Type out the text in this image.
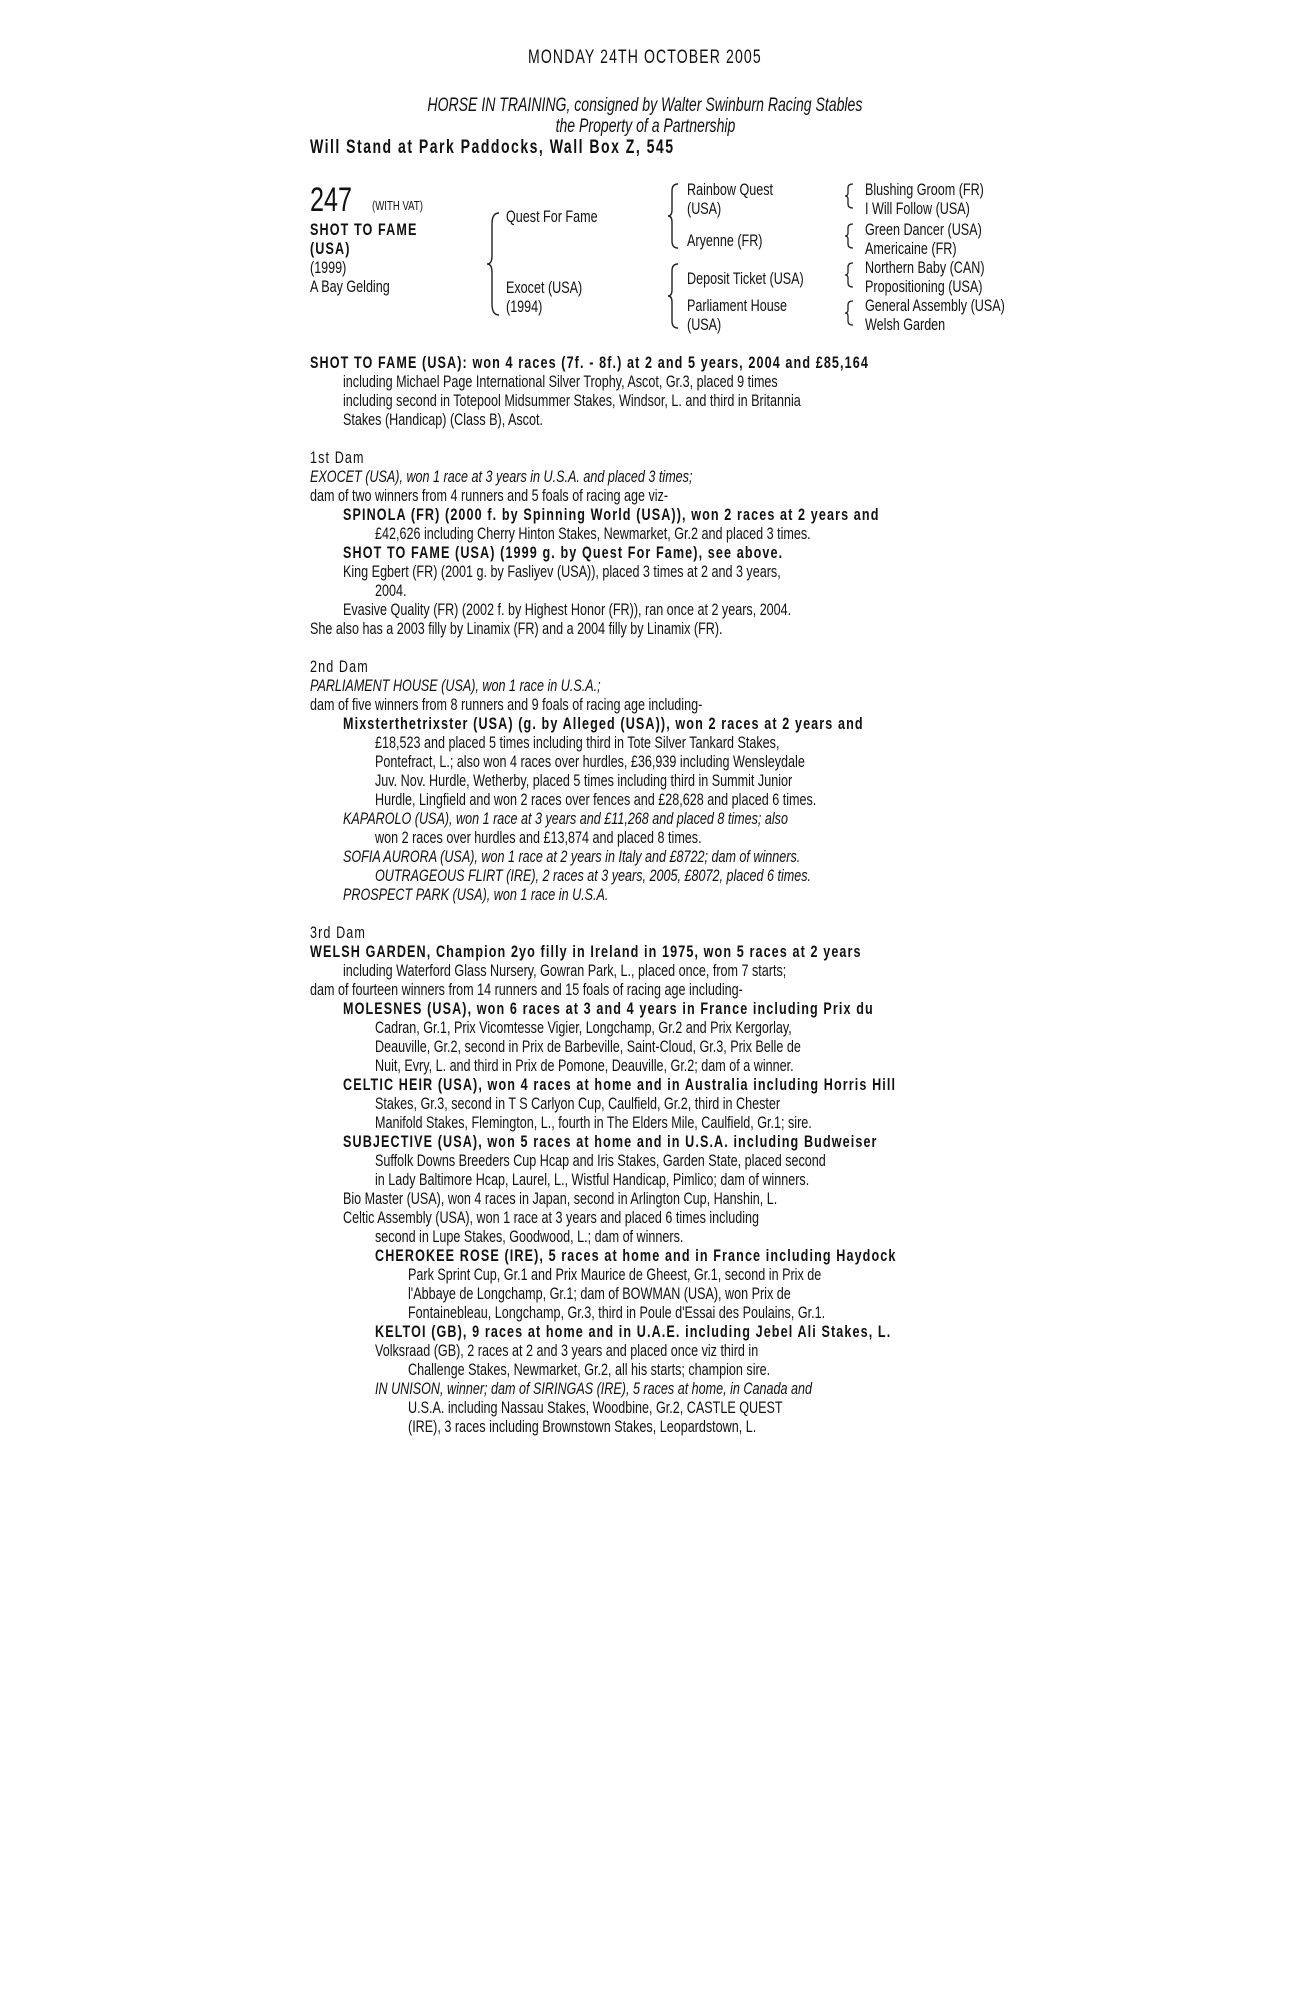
MONDAY 24TH OCTOBER 2005
HORSE IN TRAINING, consigned by Walter Swinburn Racing Stables
the Property of a Partnership
Will Stand at Park Paddocks, Wall Box Z, 545
247 (WITH VAT)
SHOT TO FAME
(USA)
(1999)
A Bay Gelding
Quest For Fame
Exocet (USA)
(1994)
Rainbow Quest
(USA)
Aryenne (FR)
Deposit Ticket (USA)
Parliament House
(USA)
Blushing Groom (FR)
I Will Follow (USA)
Green Dancer (USA)
Americaine (FR)
Northern Baby (CAN)
Propositioning (USA)
General Assembly (USA)
Welsh Garden
SHOT TO FAME (USA): won 4 races (7f. - 8f.) at 2 and 5 years, 2004 and £85,164
including Michael Page International Silver Trophy, Ascot, Gr.3, placed 9 times
including second in Totepool Midsummer Stakes, Windsor, L. and third in Britannia
Stakes (Handicap) (Class B), Ascot.
1st Dam
EXOCET (USA), won 1 race at 3 years in U.S.A. and placed 3 times;
dam of two winners from 4 runners and 5 foals of racing age viz-
SPINOLA (FR) (2000 f. by Spinning World (USA)), won 2 races at 2 years and
£42,626 including Cherry Hinton Stakes, Newmarket, Gr.2 and placed 3 times.
SHOT TO FAME (USA) (1999 g. by Quest For Fame), see above.
King Egbert (FR) (2001 g. by Fasliyev (USA)), placed 3 times at 2 and 3 years,
2004.
Evasive Quality (FR) (2002 f. by Highest Honor (FR)), ran once at 2 years, 2004.
She also has a 2003 filly by Linamix (FR) and a 2004 filly by Linamix (FR).
2nd Dam
PARLIAMENT HOUSE (USA), won 1 race in U.S.A.;
dam of five winners from 8 runners and 9 foals of racing age including-
Mixsterthetrixster (USA) (g. by Alleged (USA)), won 2 races at 2 years and
£18,523 and placed 5 times including third in Tote Silver Tankard Stakes,
Pontefract, L.; also won 4 races over hurdles, £36,939 including Wensleydale
Juv. Nov. Hurdle, Wetherby, placed 5 times including third in Summit Junior
Hurdle, Lingfield and won 2 races over fences and £28,628 and placed 6 times.
KAPAROLO (USA), won 1 race at 3 years and £11,268 and placed 8 times; also
won 2 races over hurdles and £13,874 and placed 8 times.
SOFIA AURORA (USA), won 1 race at 2 years in Italy and £8722; dam of winners.
OUTRAGEOUS FLIRT (IRE), 2 races at 3 years, 2005, £8072, placed 6 times.
PROSPECT PARK (USA), won 1 race in U.S.A.
3rd Dam
WELSH GARDEN, Champion 2yo filly in Ireland in 1975, won 5 races at 2 years
including Waterford Glass Nursery, Gowran Park, L., placed once, from 7 starts;
dam of fourteen winners from 14 runners and 15 foals of racing age including-
MOLESNES (USA), won 6 races at 3 and 4 years in France including Prix du
Cadran, Gr.1, Prix Vicomtesse Vigier, Longchamp, Gr.2 and Prix Kergorlay,
Deauville, Gr.2, second in Prix de Barbeville, Saint-Cloud, Gr.3, Prix Belle de
Nuit, Evry, L. and third in Prix de Pomone, Deauville, Gr.2; dam of a winner.
CELTIC HEIR (USA), won 4 races at home and in Australia including Horris Hill
Stakes, Gr.3, second in T S Carlyon Cup, Caulfield, Gr.2, third in Chester
Manifold Stakes, Flemington, L., fourth in The Elders Mile, Caulfield, Gr.1; sire.
SUBJECTIVE (USA), won 5 races at home and in U.S.A. including Budweiser
Suffolk Downs Breeders Cup Hcap and Iris Stakes, Garden State, placed second
in Lady Baltimore Hcap, Laurel, L., Wistful Handicap, Pimlico; dam of winners.
Bio Master (USA), won 4 races in Japan, second in Arlington Cup, Hanshin, L.
Celtic Assembly (USA), won 1 race at 3 years and placed 6 times including
second in Lupe Stakes, Goodwood, L.; dam of winners.
CHEROKEE ROSE (IRE), 5 races at home and in France including Haydock
Park Sprint Cup, Gr.1 and Prix Maurice de Gheest, Gr.1, second in Prix de
l'Abbaye de Longchamp, Gr.1; dam of BOWMAN (USA), won Prix de
Fontainebleau, Longchamp, Gr.3, third in Poule d'Essai des Poulains, Gr.1.
KELTOI (GB), 9 races at home and in U.A.E. including Jebel Ali Stakes, L.
Volksraad (GB), 2 races at 2 and 3 years and placed once viz third in
Challenge Stakes, Newmarket, Gr.2, all his starts; champion sire.
IN UNISON, winner; dam of SIRINGAS (IRE), 5 races at home, in Canada and
U.S.A. including Nassau Stakes, Woodbine, Gr.2, CASTLE QUEST
(IRE), 3 races including Brownstown Stakes, Leopardstown, L.
